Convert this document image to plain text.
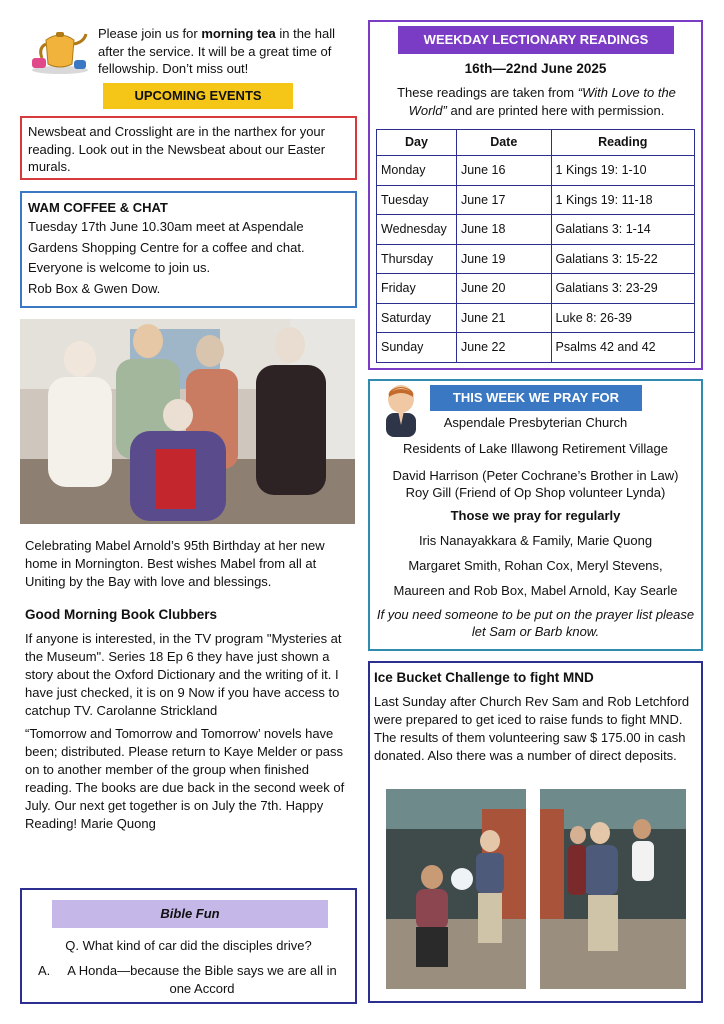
Please join us for morning tea in the hall after the service. It will be a great time of fellowship. Don’t miss out!
UPCOMING EVENTS
Newsbeat and Crosslight are in the narthex for your reading. Look out in the Newsbeat about our Easter murals.
WAM COFFEE & CHAT
Tuesday 17th June 10.30am meet at Aspendale Gardens Shopping Centre for a coffee and chat.
Everyone is welcome to join us.
Rob Box & Gwen Dow.
Celebrating Mabel Arnold’s 95th Birthday at her new home in Mornington. Best wishes Mabel from all at Uniting by the Bay with love and blessings.
Good Morning Book Clubbers
If anyone is interested, in the TV program "Mysteries at the Museum". Series 18 Ep 6 they have just shown a story about the Oxford Dictionary and the writing of it. I have just checked, it is on 9 Now if you have access to catchup TV. Carolanne Strickland
“Tomorrow and Tomorrow and Tomorrow’ novels have been; distributed. Please return to Kaye Melder or pass on to another member of the group when finished reading. The books are due back in the second week of July. Our next get together is on July the 7th. Happy Reading! Marie Quong
Bible Fun
Q. What kind of car did the disciples drive?
A.	A Honda—because the Bible says we are all in one Accord
WEEKDAY LECTIONARY READINGS
16th—22nd June 2025
These readings are taken from “With Love to the World” and are printed here with permission.
Day	Date	Reading
Monday	June 16	1 Kings 19: 1-10
Tuesday	June 17	1 Kings 19: 11-18
Wednesday	June 18	Galatians 3: 1-14
Thursday	June 19	Galatians 3: 15-22
Friday	June 20	Galatians 3: 23-29
Saturday	June 21	Luke 8: 26-39
Sunday	June 22	Psalms 42 and 42
THIS WEEK WE PRAY FOR
Aspendale Presbyterian Church
Residents of Lake Illawong Retirement Village
David Harrison (Peter Cochrane’s Brother in Law)
Roy Gill (Friend of Op Shop volunteer Lynda)
Those we pray for regularly
Iris Nanayakkara & Family, Marie Quong
Margaret Smith, Rohan Cox, Meryl Stevens,
Maureen and Rob Box, Mabel Arnold, Kay Searle
If you need someone to be put on the prayer list please let Sam or Barb know.
Ice Bucket Challenge to fight MND
Last Sunday after Church Rev Sam and Rob Letchford were prepared to get iced to raise funds to fight MND. The results of them volunteering saw $ 175.00 in cash donated. Also there was a number of direct deposits.
